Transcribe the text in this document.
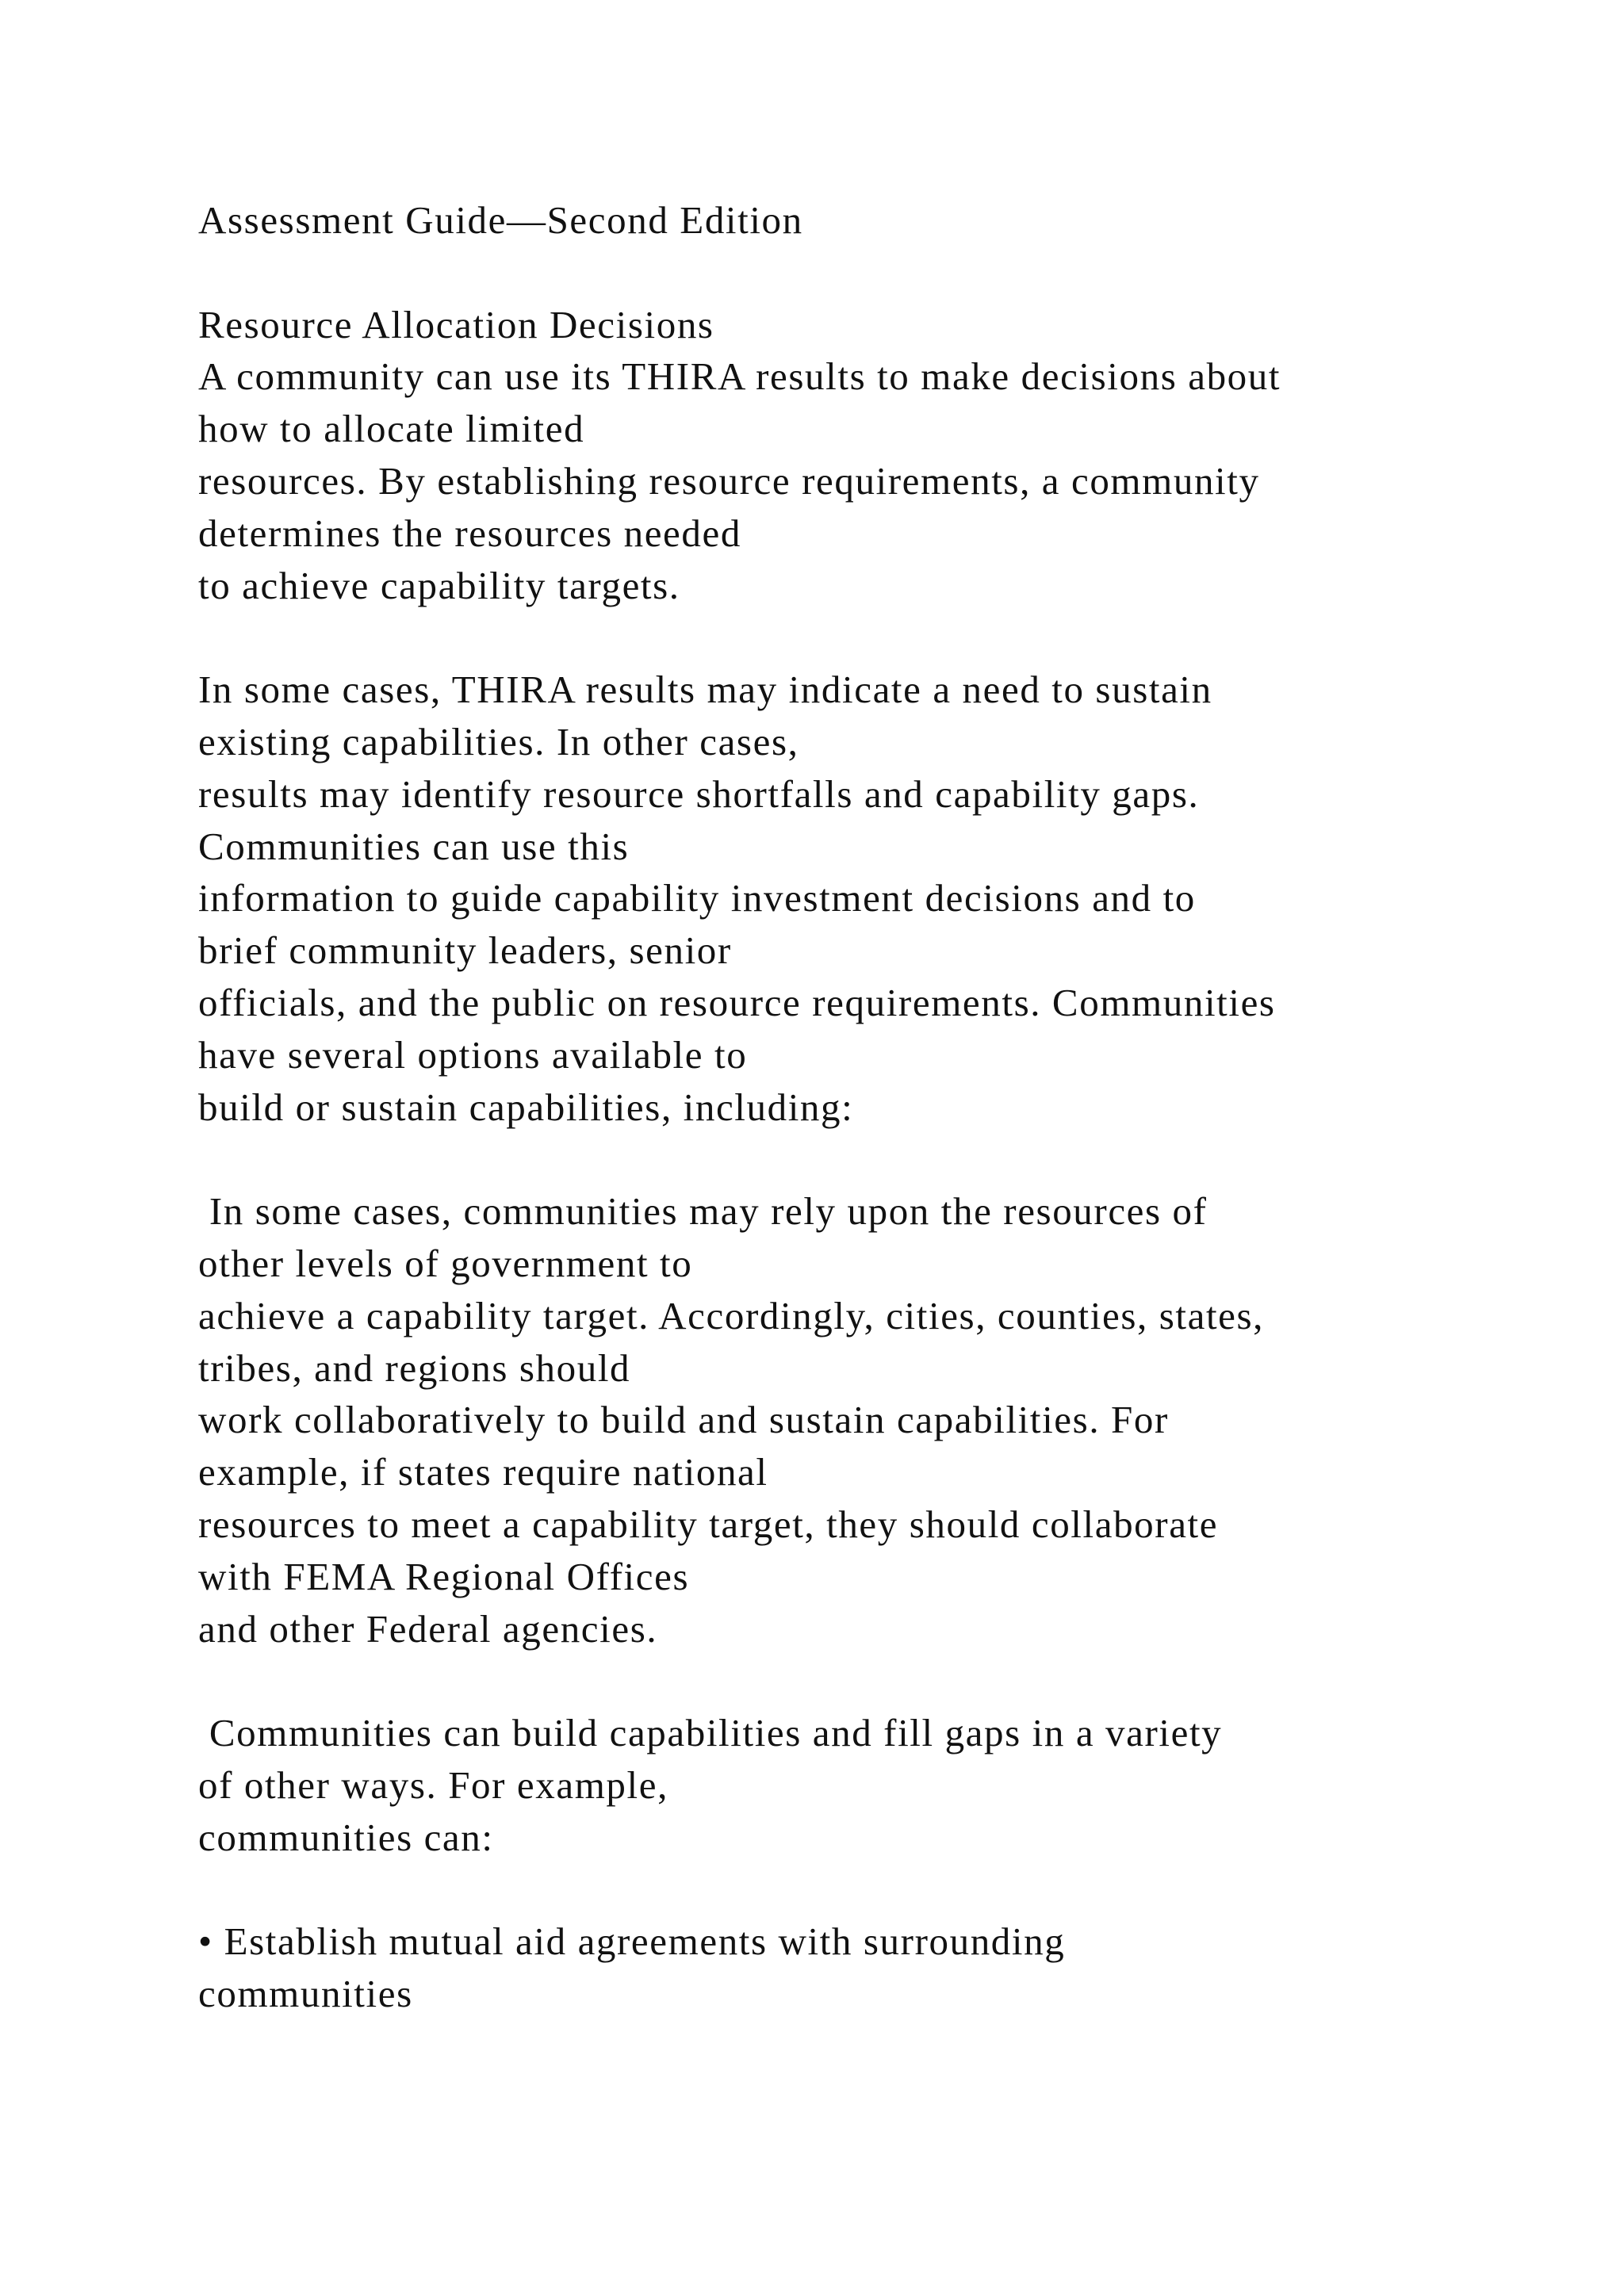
Assessment Guide—Second Edition
Resource Allocation Decisions
A community can use its THIRA results to make decisions about
how to allocate limited
resources. By establishing resource requirements, a community
determines the resources needed
to achieve capability targets.
In some cases, THIRA results may indicate a need to sustain
existing capabilities. In other cases,
results may identify resource shortfalls and capability gaps.
Communities can use this
information to guide capability investment decisions and to
brief community leaders, senior
officials, and the public on resource requirements. Communities
have several options available to
build or sustain capabilities, including:
In some cases, communities may rely upon the resources of
other levels of government to
achieve a capability target. Accordingly, cities, counties, states,
tribes, and regions should
work collaboratively to build and sustain capabilities. For
example, if states require national
resources to meet a capability target, they should collaborate
with FEMA Regional Offices
and other Federal agencies.
Communities can build capabilities and fill gaps in a variety
of other ways. For example,
communities can:
• Establish mutual aid agreements with surrounding
communities
